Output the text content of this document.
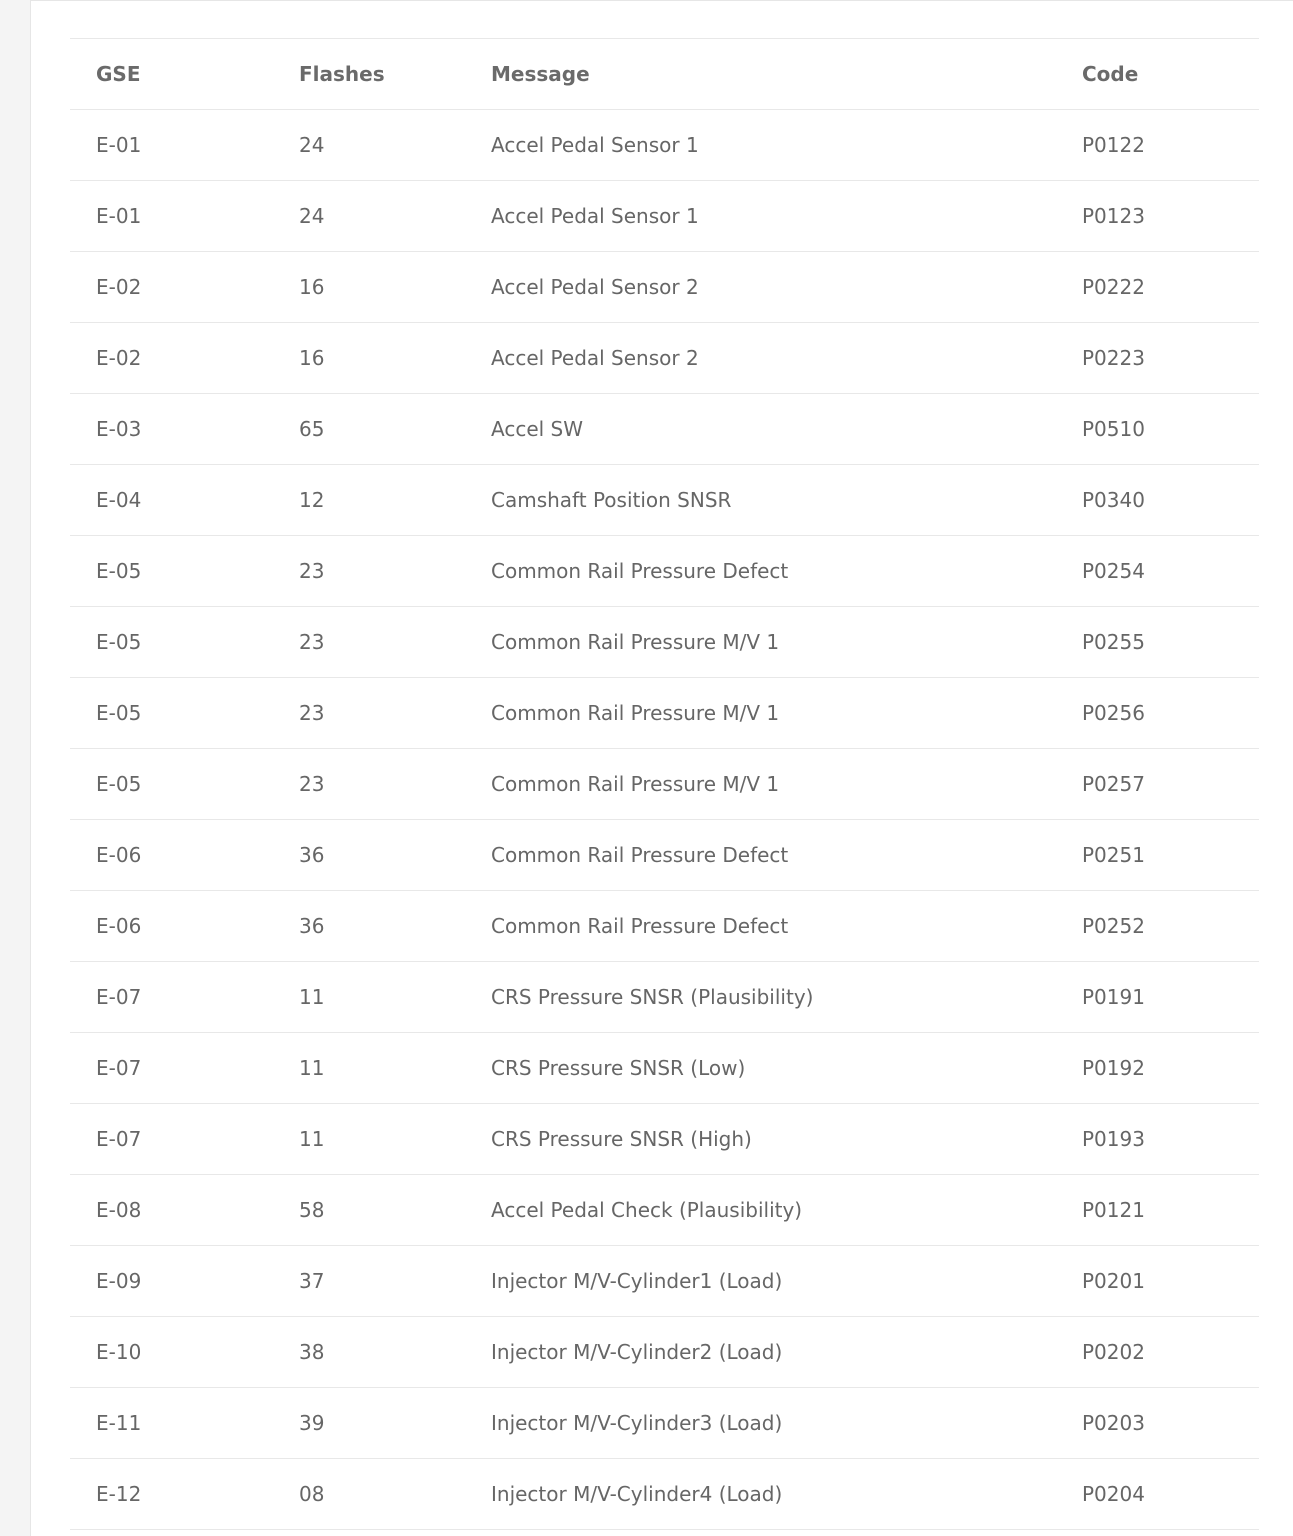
GSE	Flashes	Message	Code
E-01	24	Accel Pedal Sensor 1	P0122
E-01	24	Accel Pedal Sensor 1	P0123
E-02	16	Accel Pedal Sensor 2	P0222
E-02	16	Accel Pedal Sensor 2	P0223
E-03	65	Accel SW	P0510
E-04	12	Camshaft Position SNSR	P0340
E-05	23	Common Rail Pressure Defect	P0254
E-05	23	Common Rail Pressure M/V 1	P0255
E-05	23	Common Rail Pressure M/V 1	P0256
E-05	23	Common Rail Pressure M/V 1	P0257
E-06	36	Common Rail Pressure Defect	P0251
E-06	36	Common Rail Pressure Defect	P0252
E-07	11	CRS Pressure SNSR (Plausibility)	P0191
E-07	11	CRS Pressure SNSR (Low)	P0192
E-07	11	CRS Pressure SNSR (High)	P0193
E-08	58	Accel Pedal Check (Plausibility)	P0121
E-09	37	Injector M/V-Cylinder1 (Load)	P0201
E-10	38	Injector M/V-Cylinder2 (Load)	P0202
E-11	39	Injector M/V-Cylinder3 (Load)	P0203
E-12	08	Injector M/V-Cylinder4 (Load)	P0204
